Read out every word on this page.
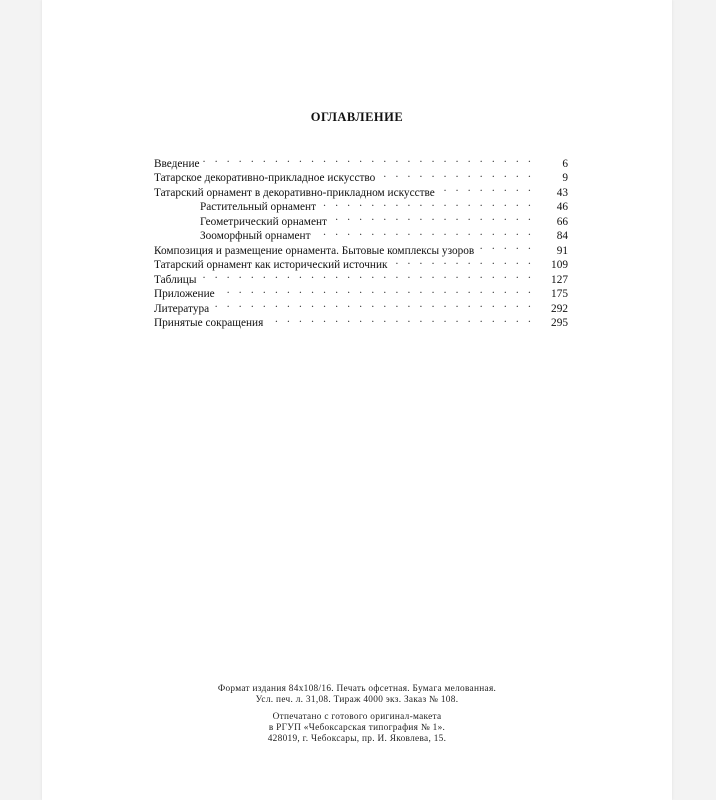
ОГЛАВЛЕНИЕ
Введение . . .	6
Татарское декоративно-прикладное искусство . . .	9
Татарский орнамент в декоративно-прикладном искусстве . . .	43
Растительный орнамент . . .	46
Геометрический орнамент . . .	66
Зооморфный орнамент . . .	84
Композиция и размещение орнамента. Бытовые комплексы узоров . . .	91
Татарский орнамент как исторический источник . . .	109
Таблицы . . .	127
Приложение . . .	175
Литература . . .	292
Принятые сокращения . . .	295
Формат издания 84х108/16. Печать офсетная. Бумага мелованная.
Усл. печ. л. 31,08. Тираж 4000 экз. Заказ № 108.
Отпечатано с готового оригинал-макета
в РГУП «Чебоксарская типография № 1».
428019, г. Чебоксары, пр. И. Яковлева, 15.
